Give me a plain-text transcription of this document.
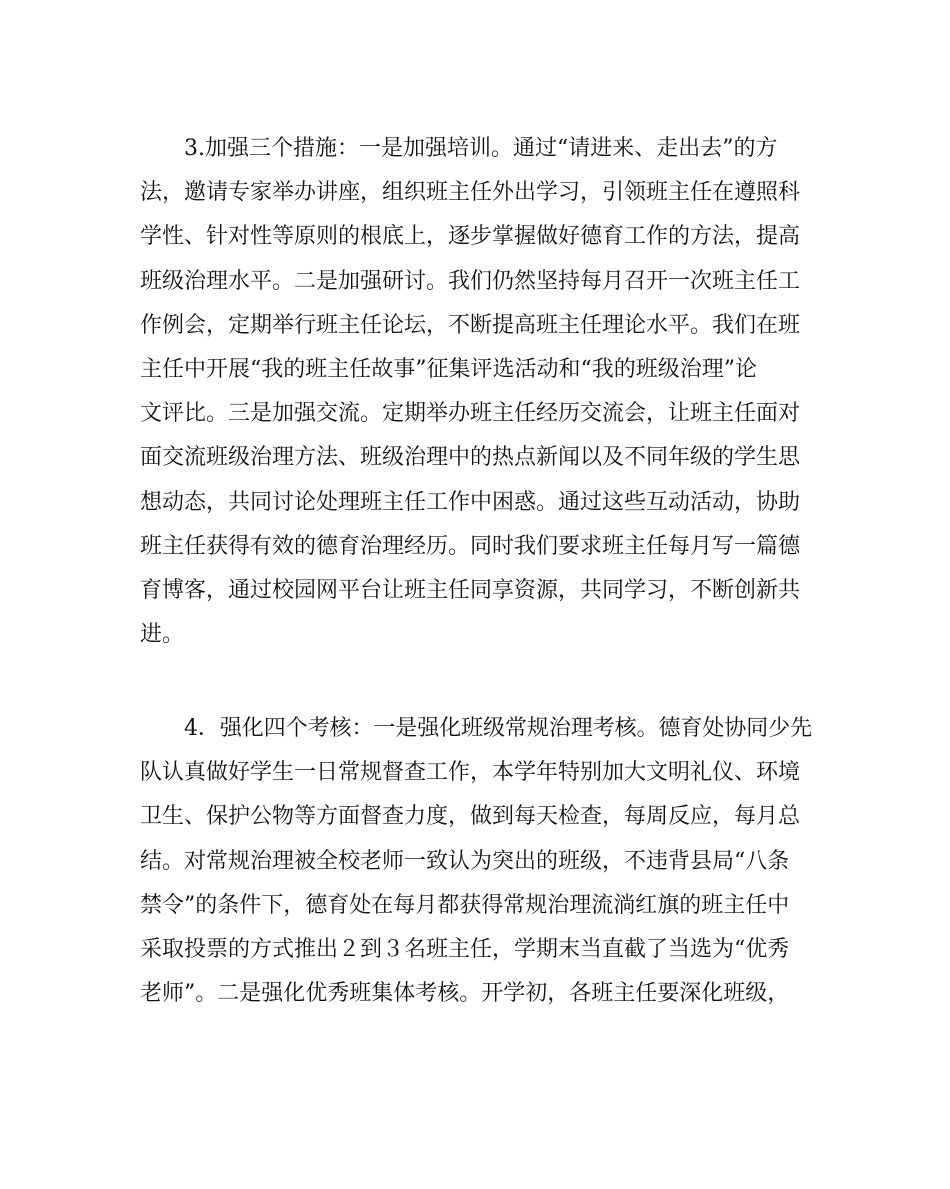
3.加强三个措施：一是加强培训。通过“请进来、走出去”的方
法，邀请专家举办讲座，组织班主任外出学习，引领班主任在遵照科
学性、针对性等原则的根底上，逐步掌握做好德育工作的方法，提高
班级治理水平。二是加强研讨。我们仍然坚持每月召开一次班主任工
作例会，定期举行班主任论坛，不断提高班主任理论水平。我们在班
主任中开展“我的班主任故事”征集评选活动和“我的班级治理”论
文评比。三是加强交流。定期举办班主任经历交流会，让班主任面对
面交流班级治理方法、班级治理中的热点新闻以及不同年级的学生思
想动态，共同讨论处理班主任工作中困惑。通过这些互动活动，协助
班主任获得有效的德育治理经历。同时我们要求班主任每月写一篇德
育博客，通过校园网平台让班主任同享资源，共同学习，不断创新共
进。
4．强化四个考核：一是强化班级常规治理考核。德育处协同少先
队认真做好学生一日常规督查工作，本学年特别加大文明礼仪、环境
卫生、保护公物等方面督查力度，做到每天检查，每周反应，每月总
结。对常规治理被全校老师一致认为突出的班级，不违背县局“八条
禁令”的条件下，德育处在每月都获得常规治理流淌红旗的班主任中
采取投票的方式推出２到３名班主任，学期末当直截了当选为“优秀
老师”。二是强化优秀班集体考核。开学初，各班主任要深化班级，
